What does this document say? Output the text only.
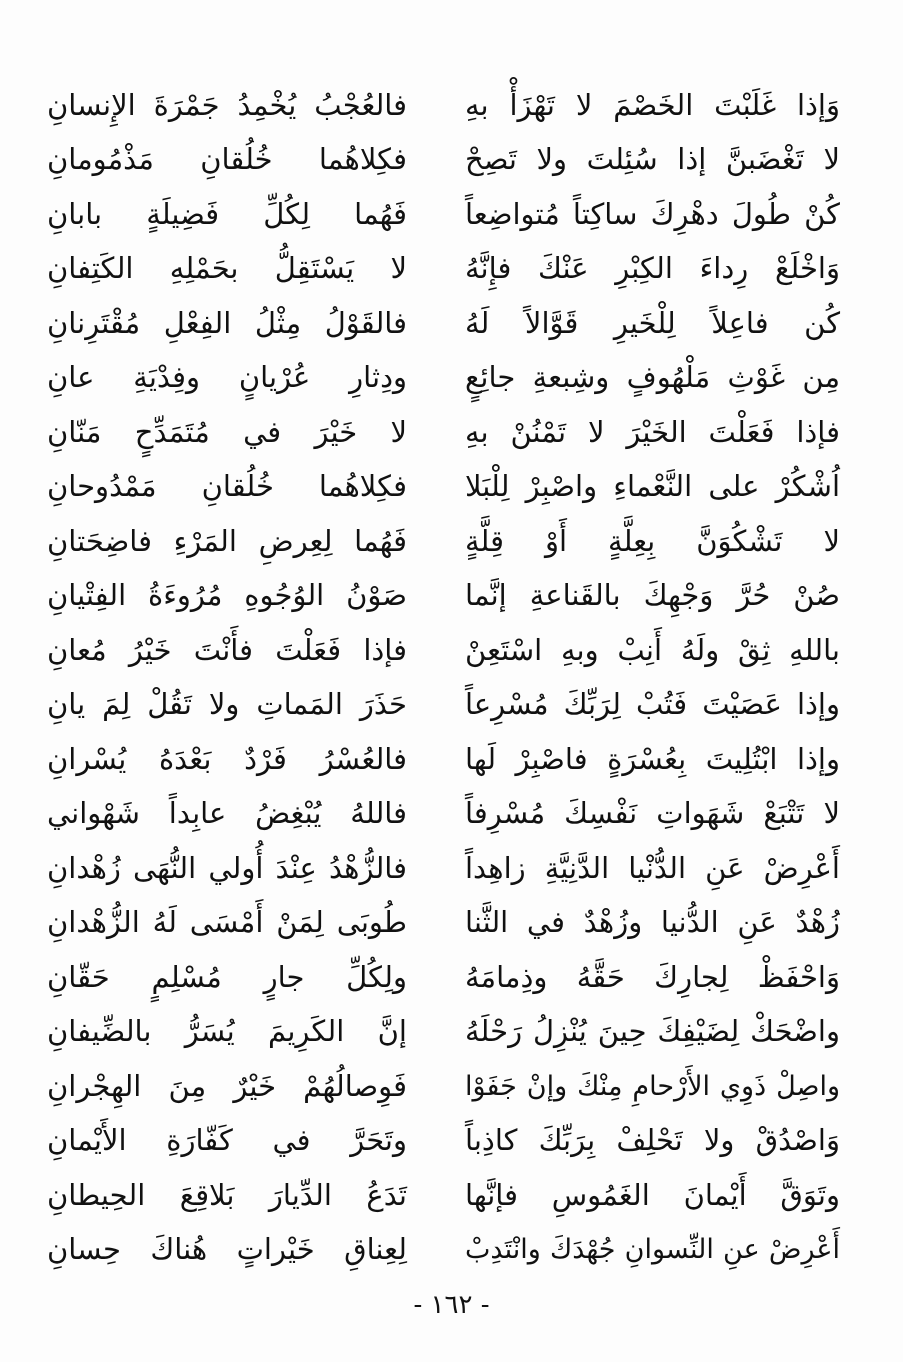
وَإذا غَلَبْتَ الخَصْمَ لا تَهْزَأْ بهِ
فالعُجْبُ يُخْمِدُ جَمْرَةَ الإِنسانِ
لا تَغْضَبنَّ إذا سُئِلتَ ولا تَصِحْ
فكِلاهُما خُلُقانِ مَذْمُومانِ
كُنْ طُولَ دهْرِكَ ساكِتاً مُتواضِعاً
فَهُما لِكُلِّ فَضِيلَةٍ بابانِ
وَاخْلَعْ رِداءَ الكِبْرِ عَنْكَ فإِنَّهُ
لا يَسْتَقِلُّ بحَمْلِهِ الكَتِفانِ
كُن فاعِلاً لِلْخَيرِ قَوَّالاً لَهُ
فالقَوْلُ مِثْلُ الفِعْلِ مُقْتَرِنانِ
مِن غَوْثِ مَلْهُوفٍ وشِبعةِ جائِعٍ
ودِثارِ عُرْيانٍ وفِدْيَةِ عانِ
فإذا فَعَلْتَ الخَيْرَ لا تَمْنُنْ بهِ
لا خَيْرَ في مُتَمَدِّحٍ مَنّانِ
اُشْكُرْ على النَّعْماءِ واصْبِرْ لِلْبَلا
فكِلاهُما خُلُقانِ مَمْدُوحانِ
لا تَشْكُوَنَّ بِعِلَّةٍ أَوْ قِلَّةٍ
فَهُما لِعِرضِ المَرْءِ فاضِحَتانِ
صُنْ حُرَّ وَجْهِكَ بالقَناعةِ إنَّما
صَوْنُ الوُجُوهِ مُرُوءَةُ الفِتْيانِ
باللهِ ثِقْ ولَهُ أَنِبْ وبهِ اسْتَعِنْ
فإذا فَعَلْتَ فأَنْتَ خَيْرُ مُعانِ
وإذا عَصَيْتَ فَتُبْ لِرَبِّكَ مُسْرِعاً
حَذَرَ المَماتِ ولا تَقُلْ لِمَ يانِ
وإذا ابْتُلِيتَ بِعُسْرَةٍ فاصْبِرْ لَها
فالعُسْرُ فَرْدٌ بَعْدَهُ يُسْرانِ
لا تَتْبَعْ شَهَواتِ نَفْسِكَ مُسْرِفاً
فاللهُ يُبْغِضُ عابِداً شَهْواني
أَعْرِضْ عَنِ الدُّنْيا الدَّنِيَّةِ زاهِداً
فالزُّهْدُ عِنْدَ أُولي النُّهَى زُهْدانِ
زُهْدٌ عَنِ الدُّنيا وزُهْدٌ في الثَّنا
طُوبَى لِمَنْ أَمْسَى لَهُ الزُّهْدانِ
وَاحْفَظْ لِجارِكَ حَقَّهُ وذِمامَهُ
ولِكُلِّ جارٍ مُسْلِمٍ حَقّانِ
واضْحَكْ لِضَيْفِكَ حِينَ يُنْزِلُ رَحْلَهُ
إنَّ الكَرِيمَ يُسَرُّ بالضِّيفانِ
واصِلْ ذَوِي الأَرْحامِ مِنْكَ وإنْ جَفَوْا
فَوِصالُهُمْ خَيْرٌ مِنَ الهِجْرانِ
وَاصْدُقْ ولا تَحْلِفْ بِرَبِّكَ كاذِباً
وتَحَرَّ في كَفّارَةِ الأَيْمانِ
وتَوَقَّ أَيْمانَ الغَمُوسِ فإنَّها
تَدَعُ الدِّيارَ بَلاقِعَ الحِيطانِ
أَعْرِضْ عنِ النِّسوانِ جُهْدَكَ وانْتَدِبْ
لِعِناقِ خَيْراتٍ هُناكَ حِسانِ
- ١٦٢ -
